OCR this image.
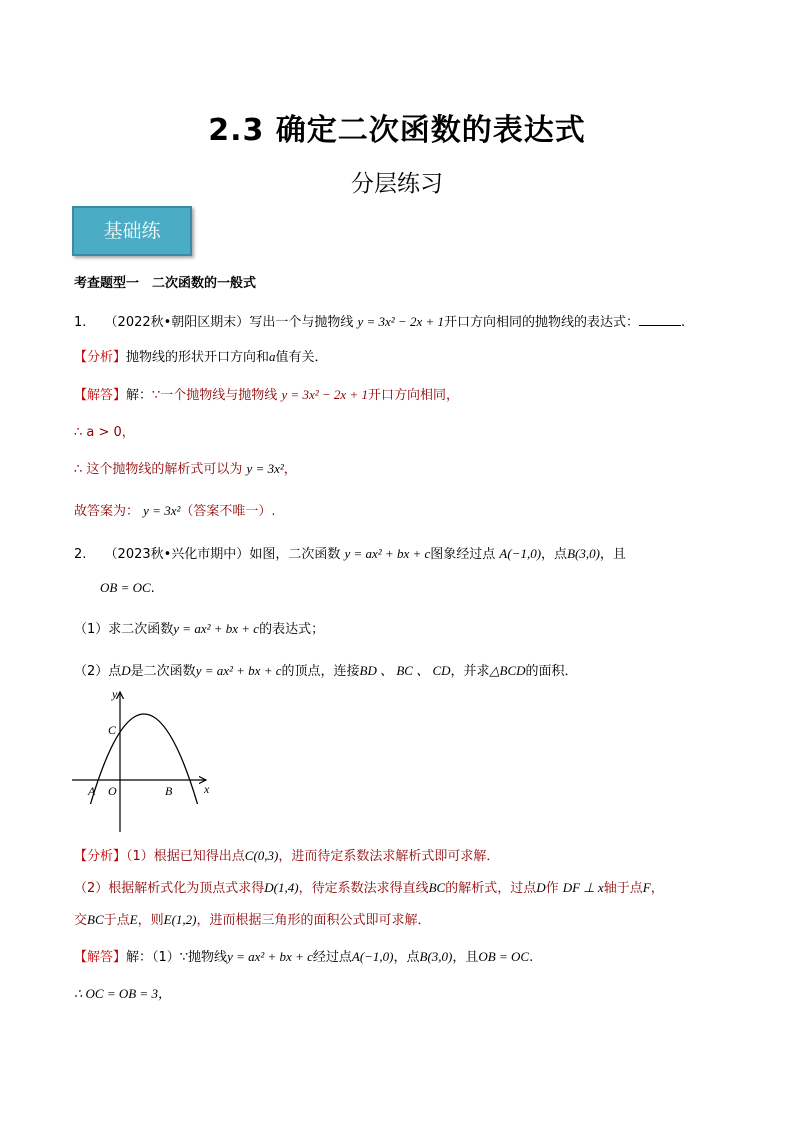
2.3 确定二次函数的表达式
分层练习
基础练
考查题型一　二次函数的一般式
1. （2022秋•朝阳区期末）写出一个与抛物线 y = 3x² − 2x + 1开口方向相同的抛物线的表达式：	.
【分析】抛物线的形状开口方向和a值有关．
【解答】解：∵一个抛物线与抛物线 y = 3x² − 2x + 1开口方向相同，
∴ a > 0，
∴ 这个抛物线的解析式可以为 y = 3x²，
故答案为： y = 3x²（答案不唯一）.
2. （2023秋•兴化市期中）如图，二次函数 y = ax² + bx + c图象经过点 A(−1,0)，点B(3,0)，且
OB = OC.
（1）求二次函数y = ax² + bx + c的表达式；
（2）点D是二次函数y = ax² + bx + c的顶点，连接BD 、 BC 、 CD，并求△BCD的面积．
y
x
C
A O	B
【分析】（1）根据已知得出点C(0,3)，进而待定系数法求解析式即可求解．
（2）根据解析式化为顶点式求得D(1,4)，待定系数法求得直线BC的解析式，过点D作 DF ⊥ x轴于点F，
交BC于点E，则E(1,2)，进而根据三角形的面积公式即可求解．
【解答】解：（1）∵抛物线y = ax² + bx + c经过点A(−1,0)，点B(3,0)，且OB = OC.
∴ OC = OB = 3，
